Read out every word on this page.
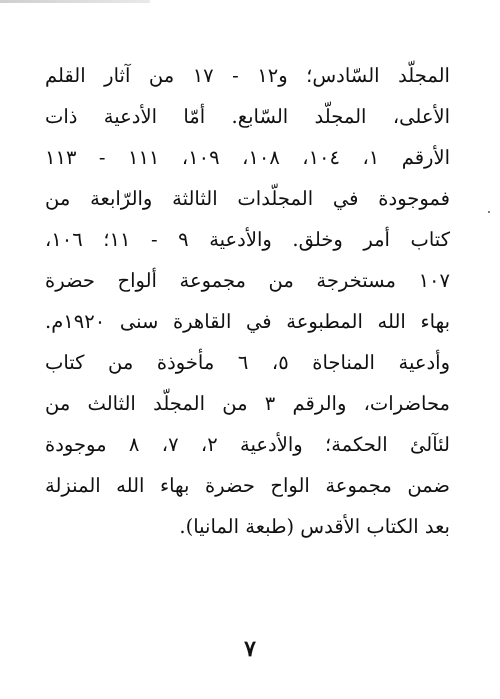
المجلّد السّادس؛ و١٢ - ١٧ من آثار القلم
الأعلى، المجلّد السّابع. أمّا الأدعية ذات
الأرقم ١، ١٠٤، ١٠٨، ١٠٩، ١١١ - ١١٣
فموجودة في المجلّدات الثالثة والرّابعة من
كتاب أمر وخلق. والأدعية ٩ - ١١؛ ١٠٦،
١٠٧ مستخرجة من مجموعة ألواح حضرة
بهاء الله المطبوعة في القاهرة سنى ١٩٢٠م.
وأدعية المناجاة ٥، ٦ مأخوذة من كتاب
محاضرات، والرقم ٣ من المجلّد الثالث من
لئآلئ الحكمة؛ والأدعية ٢، ٧، ٨ موجودة
ضمن مجموعة الواح حضرة بهاء الله المنزلة
بعد الكتاب الأقدس (طبعة المانيا).
٧
